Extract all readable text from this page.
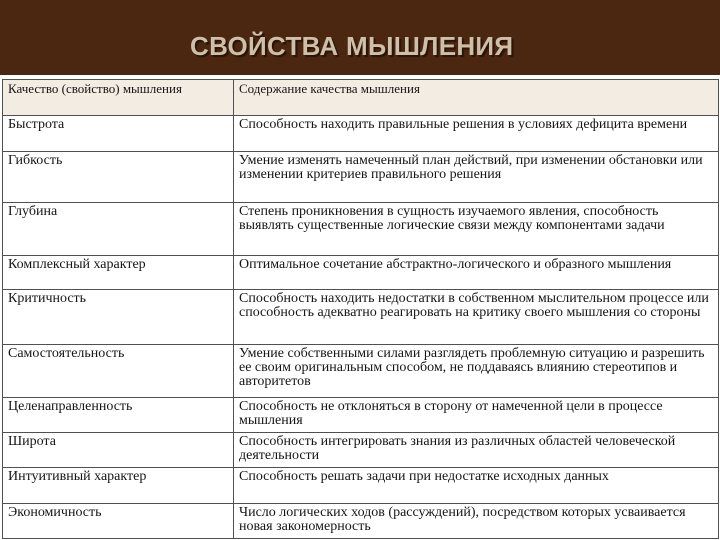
СВОЙСТВА МЫШЛЕНИЯ
Качество (свойство) мышления	Содержание качества мышления
Быстрота	Способность находить правильные решения в условиях дефицита времени
Гибкость	Умение изменять намеченный план действий, при изменении обстановки или изменении критериев правильного решения
Глубина	Степень проникновения в сущность изучаемого явления, способность выявлять существенные логические связи между компонентами задачи
Комплексный характер	Оптимальное сочетание абстрактно-логического и образного мышления
Критичность	Способность находить недостатки в собственном мыслительном процессе или способность адекватно реагировать на критику своего мышления со стороны
Самостоятельность	Умение собственными силами разглядеть проблемную ситуацию и разрешить ее своим оригинальным способом, не поддаваясь влиянию стереотипов и авторитетов
Целенаправленность	Способность не отклоняться в сторону от намеченной цели в процессе мышления
Широта	Способность интегрировать знания из различных областей человеческой деятельности
Интуитивный характер	Способность решать задачи при недостатке исходных данных
Экономичность	Число логических ходов (рассуждений), посредством которых усваивается новая закономерность
